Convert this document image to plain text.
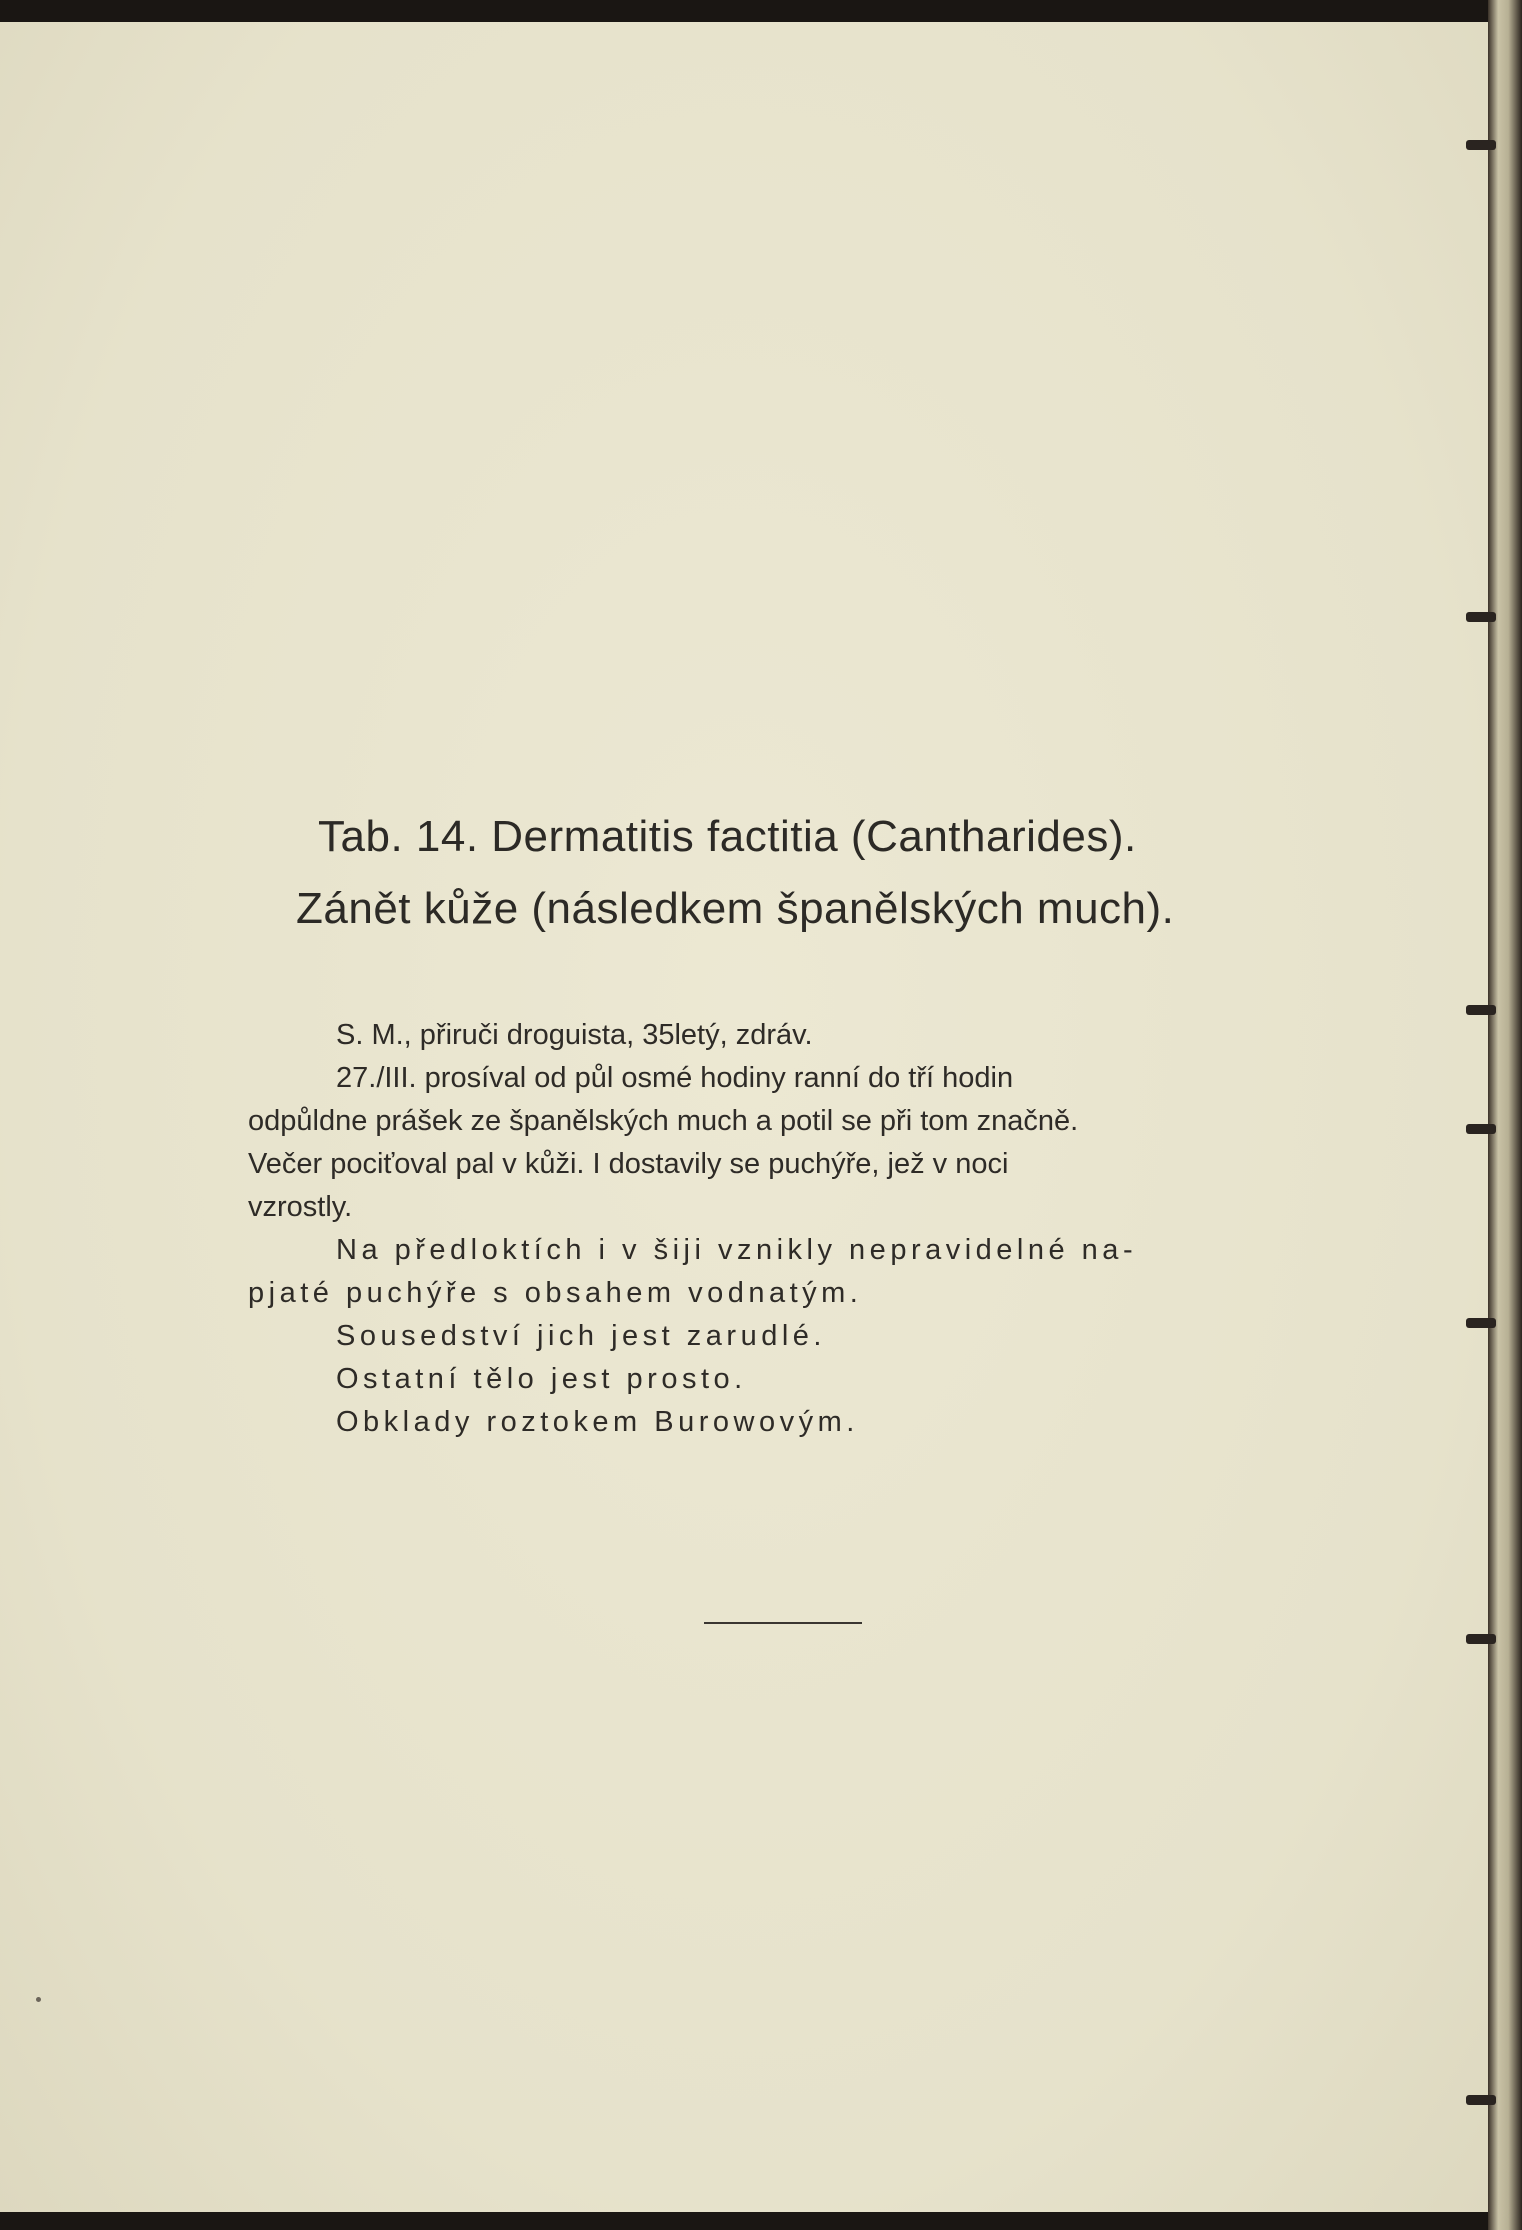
Tab. 14. Dermatitis factitia (Cantharides).
Zánět kůže (následkem španělských much).

S. M., přiruči droguista, 35letý, zdráv.

27./III. prosíval od půl osmé hodiny ranní do tří hodin

odpůldne prášek ze španělských much a potil se při tom značně.

Večer pociťoval pal v kůži. I dostavily se puchýře, jež v noci

vzrostly.

Na předloktích i v šiji vznikly nepravidelné na-

pjaté puchýře s obsahem vodnatým.

Sousedství jich jest zarudlé.

Ostatní tělo jest prosto.

Obklady roztokem Burowovým.
